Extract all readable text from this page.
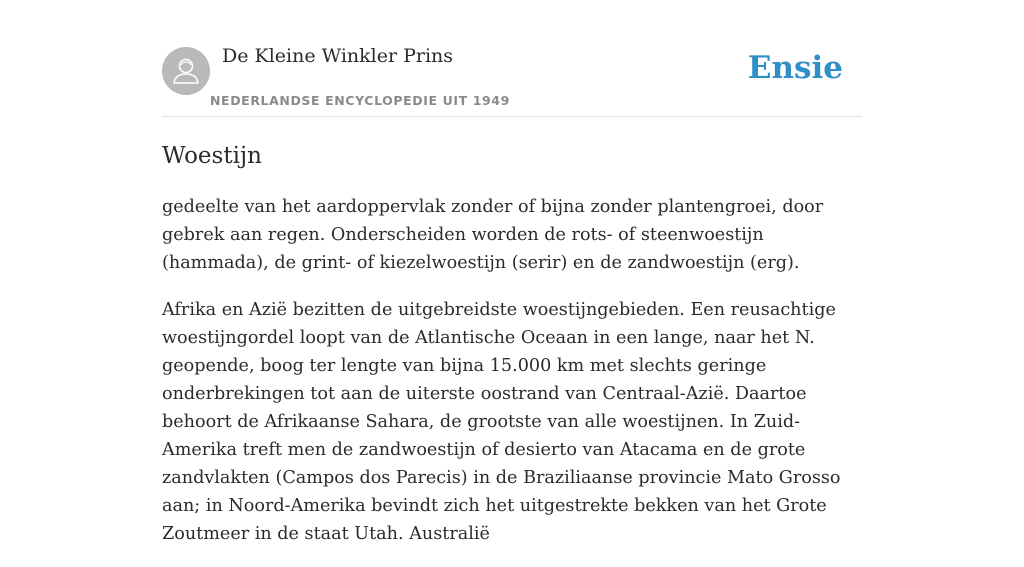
De Kleine Winkler Prins
NEDERLANDSE ENCYCLOPEDIE UIT 1949
Ensie
Woestijn

gedeelte van het aardoppervlak zonder of bijna zonder plantengroei, door gebrek aan regen. Onderscheiden worden de rots- of steenwoestijn (hammada), de grint- of kiezelwoestijn (serir) en de zandwoestijn (erg).

Afrika en Azië bezitten de uitgebreidste woestijngebieden. Een reusachtige woestijngordel loopt van de Atlantische Oceaan in een lange, naar het N. geopende, boog ter lengte van bijna 15.000 km met slechts geringe onderbrekingen tot aan de uiterste oostrand van Centraal-Azië. Daartoe behoort de Afrikaanse Sahara, de grootste van alle woestijnen. In Zuid-Amerika treft men de zandwoestijn of desierto van Atacama en de grote zandvlakten (Campos dos Parecis) in de Braziliaanse provincie Mato Grosso aan; in Noord-Amerika bevindt zich het uitgestrekte bekken van het Grote Zoutmeer in de staat Utah. Australië
